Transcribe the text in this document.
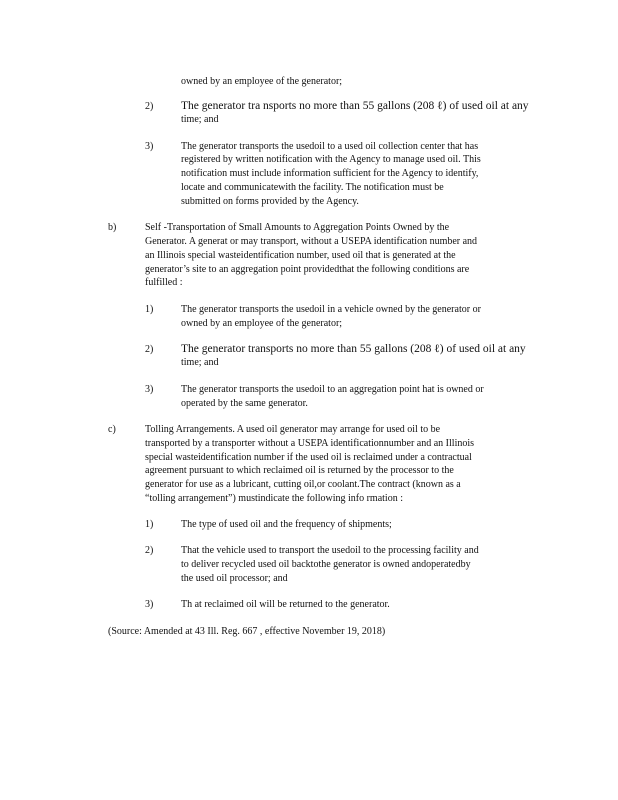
owned by an employee of the generator;
2) The generator tra nsports no more than 55 gallons (208 ℓ) of used oil at any
time; and
3)	The generator transports the usedoil to a used oil collection center that has
registered by written notification with the Agency to manage used oil. This
notification must include information sufficient for the Agency to identify,
locate and communicatewith the facility. The notification must be
submitted on forms provided by the Agency.
b)	Self -Transportation of Small Amounts to Aggregation Points Owned by the
Generator. A generat or may transport, without a USEPA identification number and
an Illinois special wasteidentification number, used oil that is generated at the
generator’s site to an aggregation point providedthat the following conditions are
fulfilled :
1)	The generator transports the usedoil in a vehicle owned by the generator or
owned by an employee of the generator;
2) The generator transports no more than 55 gallons (208 ℓ) of used oil at any
time; and
3)	The generator transports the usedoil to an aggregation point hat is owned or
operated by the same generator.
c)	Tolling Arrangements. A used oil generator may arrange for used oil to be
transported by a transporter without a USEPA identificationnumber and an Illinois
special wasteidentification number if the used oil is reclaimed under a contractual
agreement pursuant to which reclaimed oil is returned by the processor to the
generator for use as a lubricant, cutting oil,or coolant.The contract (known as a
“tolling arrangement”) mustindicate the following info rmation :
1)	The type of used oil and the frequency of shipments;
2)	That the vehicle used to transport the usedoil to the processing facility and
to deliver recycled used oil backtothe generator is owned andoperatedby
the used oil processor; and
3)	Th at reclaimed oil will be returned to the generator.
(Source: Amended at 43 Ill. Reg. 667 , effective November 19, 2018)
